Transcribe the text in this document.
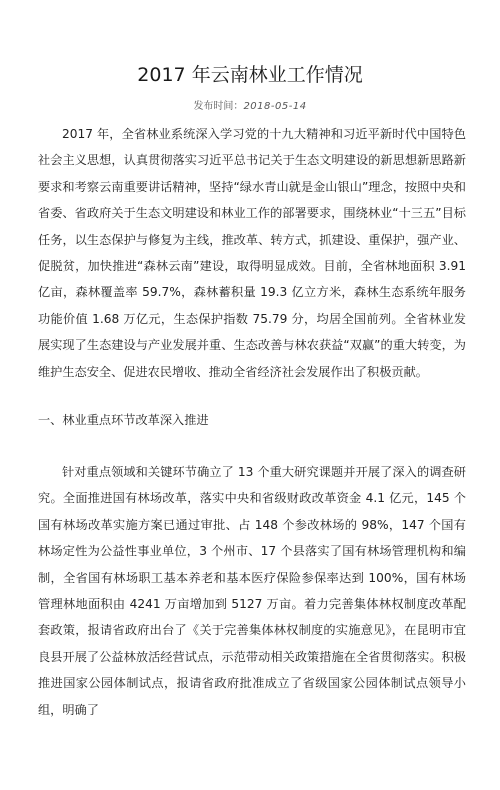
2017 年云南林业工作情况
发布时间：2018-05-14

2017 年，全省林业系统深入学习党的十九大精神和习近平新时代中国特色社会主义思想，认真贯彻落实习近平总书记关于生态文明建设的新思想新思路新要求和考察云南重要讲话精神，坚持“绿水青山就是金山银山”理念，按照中央和省委、省政府关于生态文明建设和林业工作的部署要求，围绕林业“十三五”目标任务，以生态保护与修复为主线，推改革、转方式，抓建设、重保护，强产业、促脱贫，加快推进“森林云南”建设，取得明显成效。目前，全省林地面积 3.91 亿亩，森林覆盖率 59.7%，森林蓄积量 19.3 亿立方米，森林生态系统年服务功能价值 1.68 万亿元，生态保护指数 75.79 分，均居全国前列。全省林业发展实现了生态建设与产业发展并重、生态改善与林农获益“双赢”的重大转变，为维护生态安全、促进农民增收、推动全省经济社会发展作出了积极贡献。

一、林业重点环节改革深入推进

针对重点领域和关键环节确立了 13 个重大研究课题并开展了深入的调查研究。全面推进国有林场改革，落实中央和省级财政改革资金 4.1 亿元，145 个国有林场改革实施方案已通过审批、占 148 个参改林场的 98%，147 个国有林场定性为公益性事业单位，3 个州市、17 个县落实了国有林场管理机构和编制，全省国有林场职工基本养老和基本医疗保险参保率达到 100%，国有林场管理林地面积由 4241 万亩增加到 5127 万亩。着力完善集体林权制度改革配套政策，报请省政府出台了《关于完善集体林权制度的实施意见》，在昆明市宜良县开展了公益林放活经营试点，示范带动相关政策措施在全省贯彻落实。积极推进国家公园体制试点，报请省政府批准成立了省级国家公园体制试点领导小组，明确了
